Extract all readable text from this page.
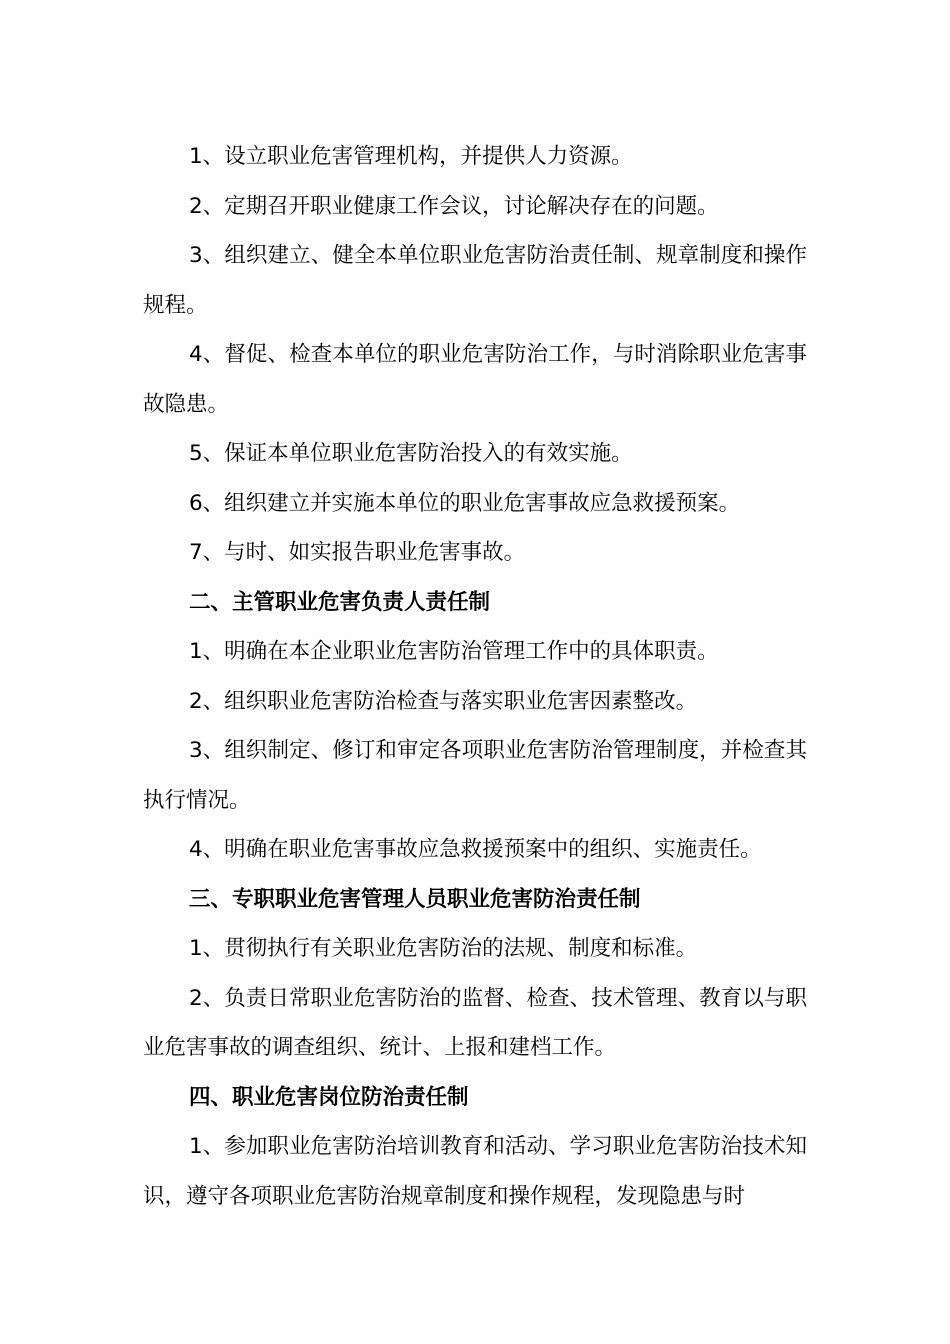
1、设立职业危害管理机构，并提供人力资源。

2、定期召开职业健康工作会议，讨论解决存在的问题。

3、组织建立、健全本单位职业危害防治责任制、规章制度和操作规程。

4、督促、检查本单位的职业危害防治工作，与时消除职业危害事故隐患。

5、保证本单位职业危害防治投入的有效实施。

6、组织建立并实施本单位的职业危害事故应急救援预案。

7、与时、如实报告职业危害事故。

二、主管职业危害负责人责任制

1、明确在本企业职业危害防治管理工作中的具体职责。

2、组织职业危害防治检查与落实职业危害因素整改。

3、组织制定、修订和审定各项职业危害防治管理制度，并检查其执行情况。

4、明确在职业危害事故应急救援预案中的组织、实施责任。

三、专职职业危害管理人员职业危害防治责任制

1、贯彻执行有关职业危害防治的法规、制度和标准。

2、负责日常职业危害防治的监督、检查、技术管理、教育以与职业危害事故的调查组织、统计、上报和建档工作。

四、职业危害岗位防治责任制

1、参加职业危害防治培训教育和活动、学习职业危害防治技术知识，遵守各项职业危害防治规章制度和操作规程，发现隐患与时
